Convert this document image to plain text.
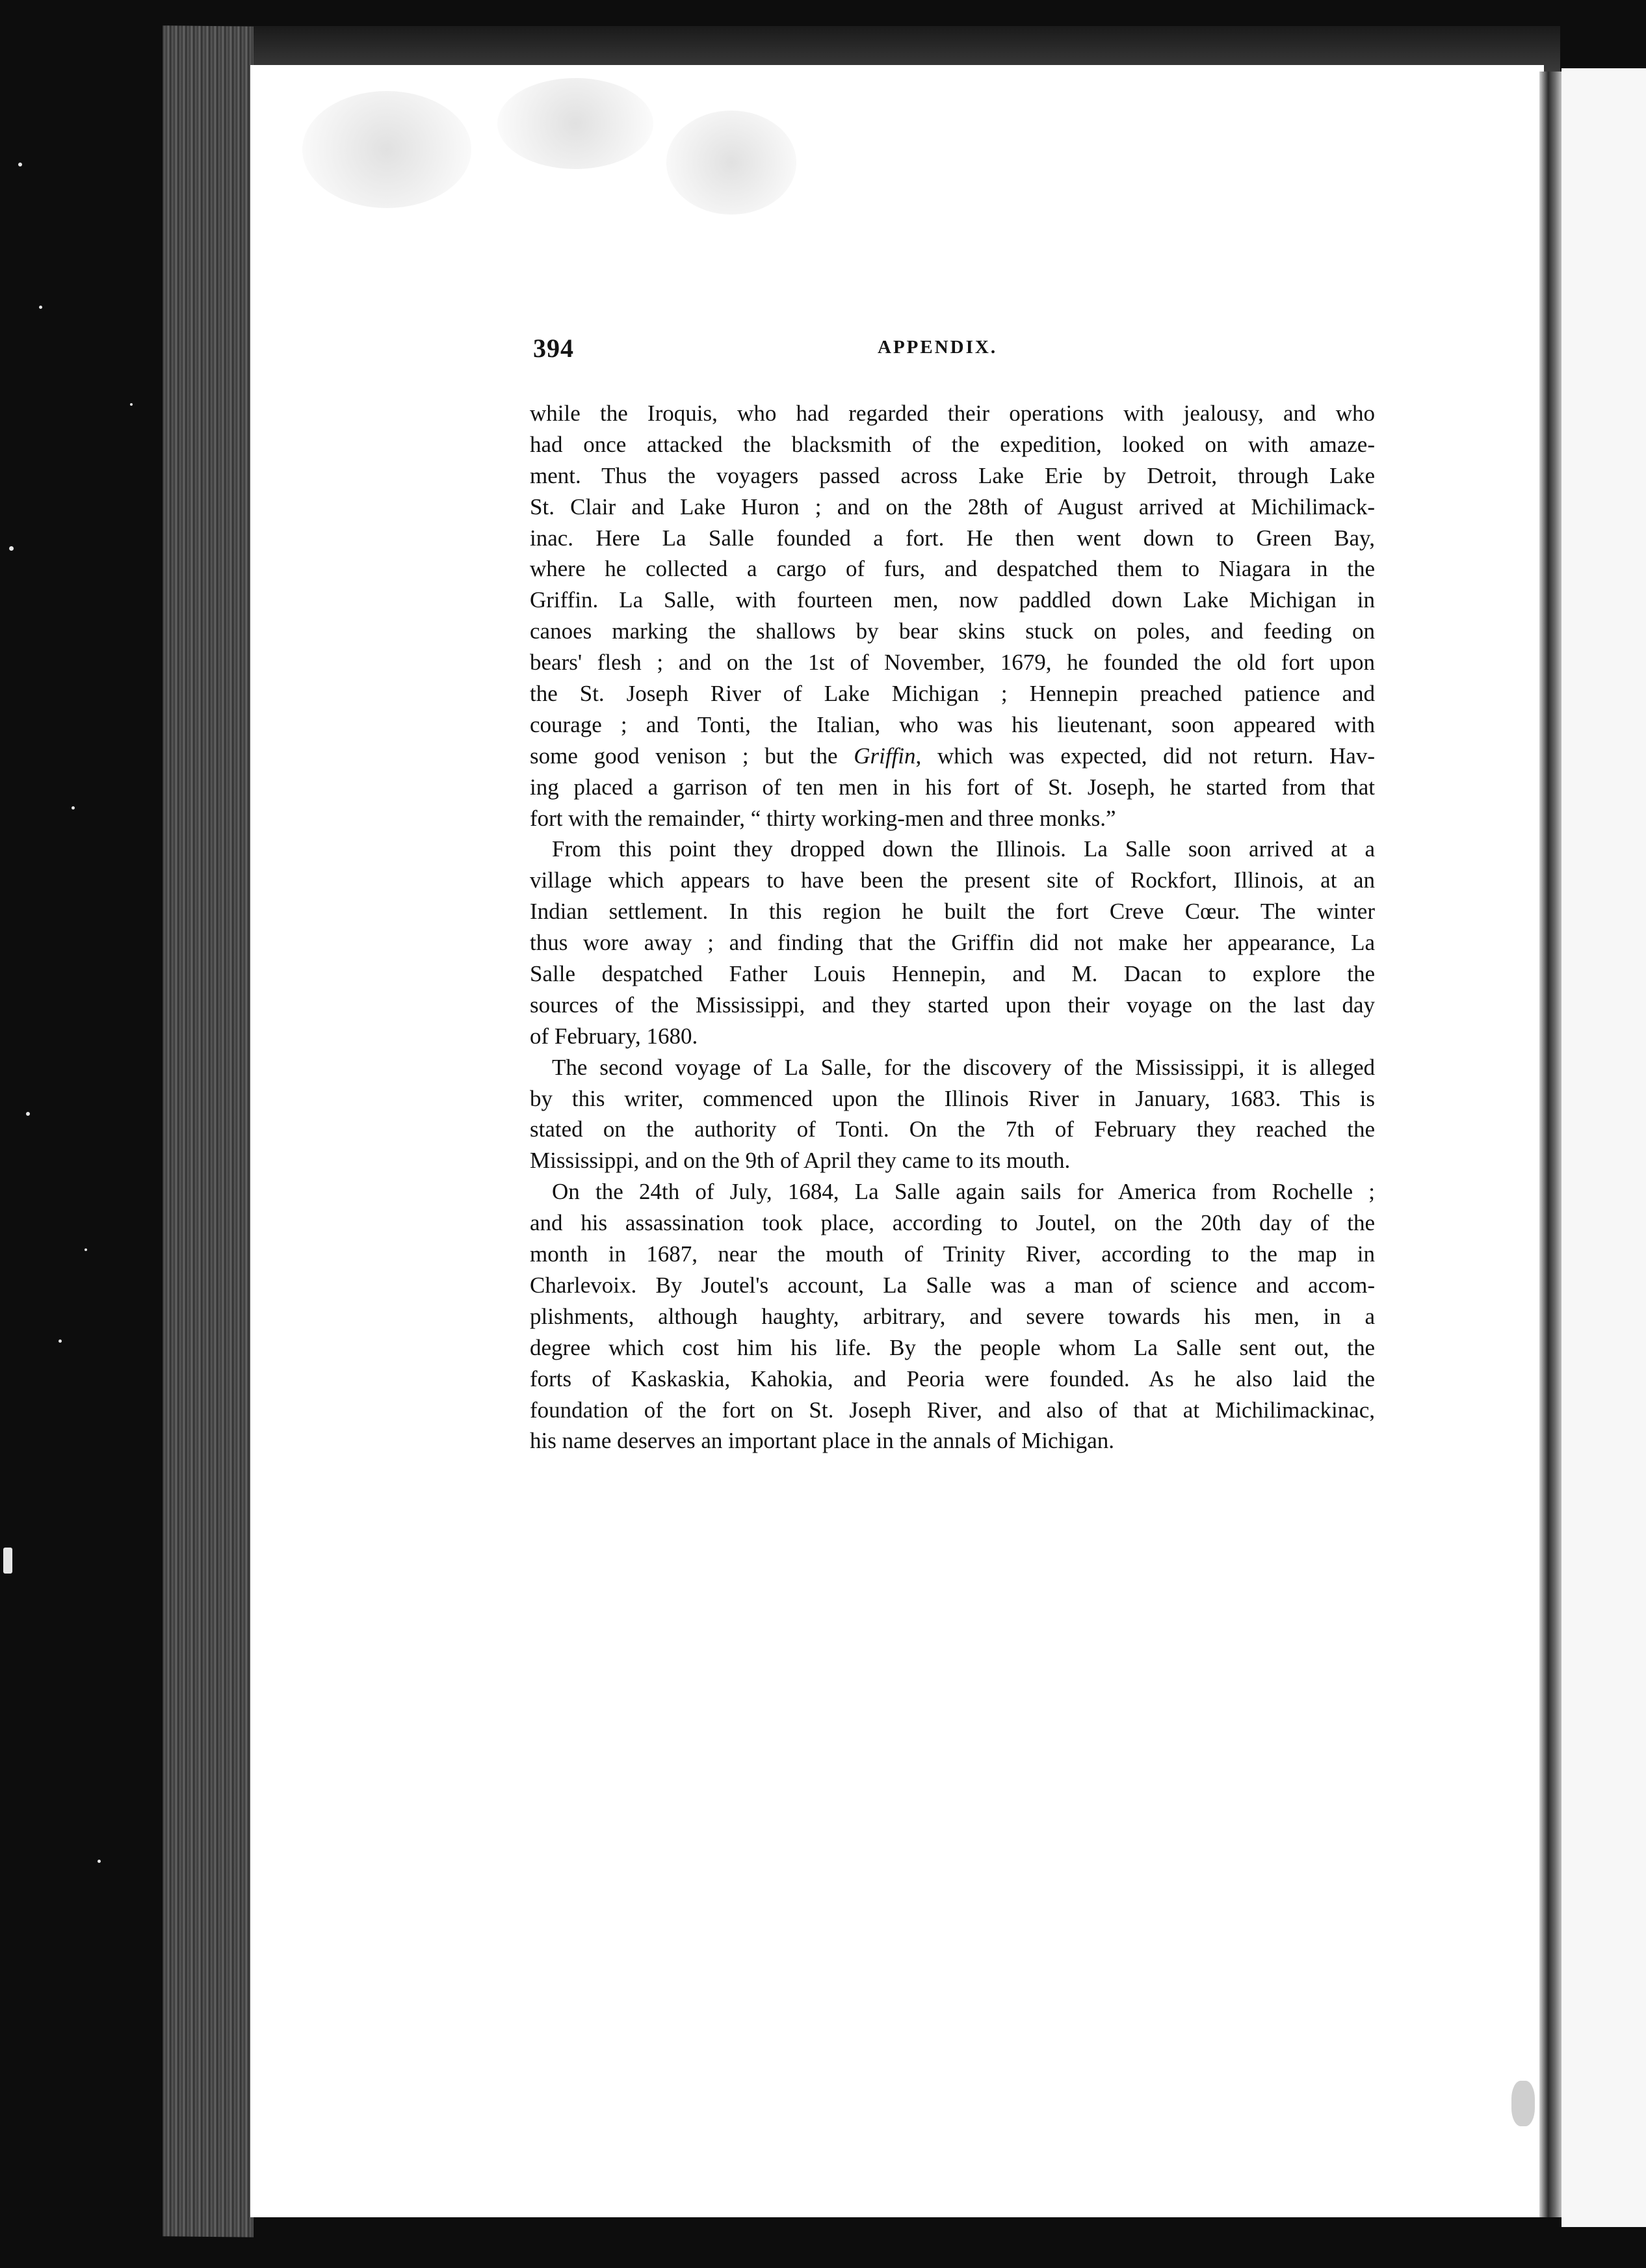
394	APPENDIX.
while the Iroquis, who had regarded their operations with jealousy, and who
had once attacked the blacksmith of the expedition, looked on with amaze-
ment. Thus the voyagers passed across Lake Erie by Detroit, through Lake
St. Clair and Lake Huron ; and on the 28th of August arrived at Michilimack-
inac. Here La Salle founded a fort. He then went down to Green Bay,
where he collected a cargo of furs, and despatched them to Niagara in the
Griffin. La Salle, with fourteen men, now paddled down Lake Michigan in
canoes marking the shallows by bear skins stuck on poles, and feeding on
bears' flesh ; and on the 1st of November, 1679, he founded the old fort upon
the St. Joseph River of Lake Michigan ; Hennepin preached patience and
courage ; and Tonti, the Italian, who was his lieutenant, soon appeared with
some good venison ; but the Griffin, which was expected, did not return. Hav-
ing placed a garrison of ten men in his fort of St. Joseph, he started from that
fort with the remainder, “ thirty working-men and three monks.”
From this point they dropped down the Illinois. La Salle soon arrived at a
village which appears to have been the present site of Rockfort, Illinois, at an
Indian settlement. In this region he built the fort Creve Cœur. The winter
thus wore away ; and finding that the Griffin did not make her appearance, La
Salle despatched Father Louis Hennepin, and M. Dacan to explore the
sources of the Mississippi, and they started upon their voyage on the last day
of February, 1680.
The second voyage of La Salle, for the discovery of the Mississippi, it is alleged
by this writer, commenced upon the Illinois River in January, 1683. This is
stated on the authority of Tonti. On the 7th of February they reached the
Mississippi, and on the 9th of April they came to its mouth.
On the 24th of July, 1684, La Salle again sails for America from Rochelle ;
and his assassination took place, according to Joutel, on the 20th day of the
month in 1687, near the mouth of Trinity River, according to the map in
Charlevoix. By Joutel's account, La Salle was a man of science and accom-
plishments, although haughty, arbitrary, and severe towards his men, in a
degree which cost him his life. By the people whom La Salle sent out, the
forts of Kaskaskia, Kahokia, and Peoria were founded. As he also laid the
foundation of the fort on St. Joseph River, and also of that at Michilimackinac,
his name deserves an important place in the annals of Michigan.
